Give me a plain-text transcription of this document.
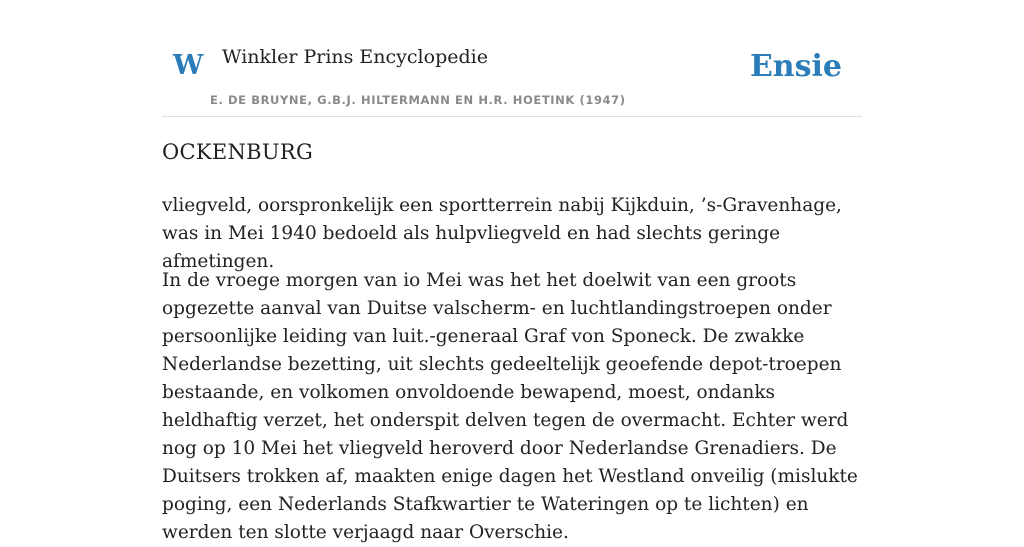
W Winkler Prins Encyclopedie
E. DE BRUYNE, G.B.J. HILTERMANN EN H.R. HOETINK (1947)
Ensie
OCKENBURG

vliegveld, oorspronkelijk een sportterrein nabij Kijkduin, ’s-Gravenhage, was in Mei 1940 bedoeld als hulpvliegveld en had slechts geringe afmetingen.

In de vroege morgen van io Mei was het het doelwit van een groots opgezette aanval van Duitse valscherm- en luchtlandingstroepen onder persoonlijke leiding van luit.-generaal Graf von Sponeck. De zwakke Nederlandse bezetting, uit slechts gedeeltelijk geoefende depot-troepen bestaande, en volkomen onvoldoende bewapend, moest, ondanks heldhaftig verzet, het onderspit delven tegen de overmacht. Echter werd nog op 10 Mei het vliegveld heroverd door Nederlandse Grenadiers. De Duitsers trokken af, maakten enige dagen het Westland onveilig (mislukte poging, een Nederlands Stafkwartier te Wateringen op te lichten) en werden ten slotte verjaagd naar Overschie.
